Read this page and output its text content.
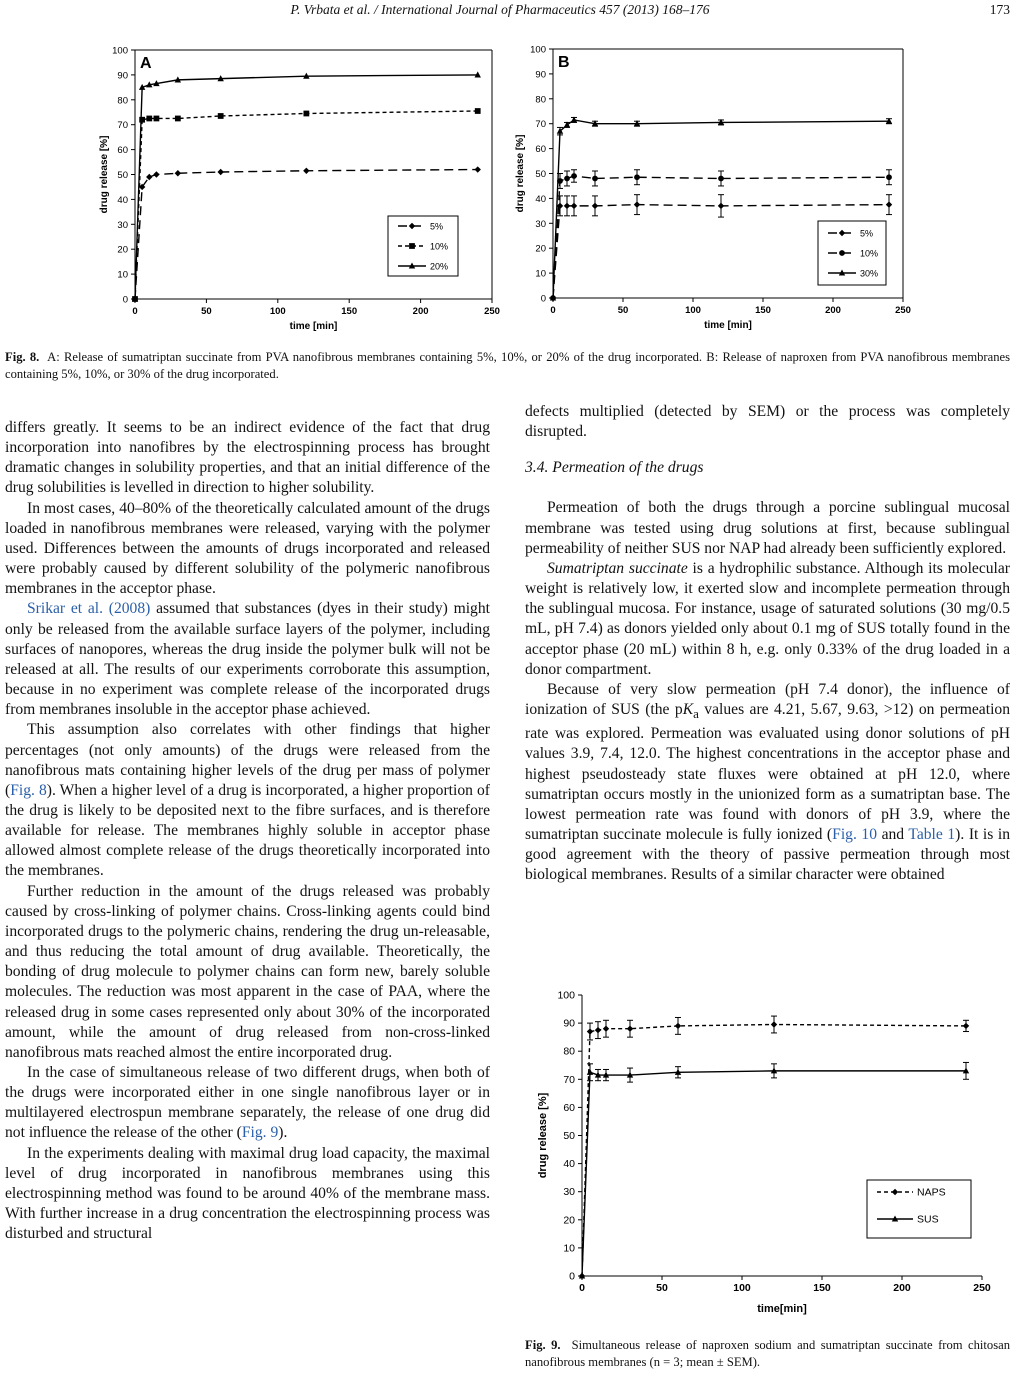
P. Vrbata et al. / International Journal of Pharmaceutics 457 (2013) 168–176	173
0
10
20
30
40
50
60
70
80
90
100
0	50	100	150	200	250
time [min]
drug release [%]
A
5%
10%
20%
0
10
20
30
40
50
60
70
80
90
100
0	50	100	150	200	250
time [min]
drug release [%]
B
5%
10%
30%
Fig. 8. A: Release of sumatriptan succinate from PVA nanofibrous membranes containing 5%, 10%, or 20% of the drug incorporated. B: Release of naproxen from PVA nanofibrous membranes containing 5%, 10%, or 30% of the drug incorporated.

differs greatly. It seems to be an indirect evidence of the fact that drug incorporation into nanofibres by the electrospinning process has brought dramatic changes in solubility properties, and that an initial difference of the drug solubilities is levelled in direction to higher solubility.

In most cases, 40–80% of the theoretically calculated amount of the drugs loaded in nanofibrous membranes were released, varying with the polymer used. Differences between the amounts of drugs incorporated and released were probably caused by different solubility of the polymeric nanofibrous membranes in the acceptor phase.

Srikar et al. (2008) assumed that substances (dyes in their study) might only be released from the available surface layers of the polymer, including surfaces of nanopores, whereas the drug inside the polymer bulk will not be released at all. The results of our experiments corroborate this assumption, because in no experiment was complete release of the incorporated drugs from membranes insoluble in the acceptor phase achieved.

This assumption also correlates with other findings that higher percentages (not only amounts) of the drugs were released from the nanofibrous mats containing higher levels of the drug per mass of polymer (Fig. 8). When a higher level of a drug is incorporated, a higher proportion of the drug is likely to be deposited next to the fibre surfaces, and is therefore available for release. The membranes highly soluble in acceptor phase allowed almost complete release of the drugs theoretically incorporated into the membranes.

Further reduction in the amount of the drugs released was probably caused by cross-linking of polymer chains. Cross-linking agents could bind incorporated drugs to the polymeric chains, rendering the drug un-releasable, and thus reducing the total amount of drug available. Theoretically, the bonding of drug molecule to polymer chains can form new, barely soluble molecules. The reduction was most apparent in the case of PAA, where the released drug in some cases represented only about 30% of the incorporated amount, while the amount of drug released from non-cross-linked nanofibrous mats reached almost the entire incorporated drug.

In the case of simultaneous release of two different drugs, when both of the drugs were incorporated either in one single nanofibrous layer or in multilayered electrospun membrane separately, the release of one drug did not influence the release of the other (Fig. 9).

In the experiments dealing with maximal drug load capacity, the maximal level of drug incorporated in nanofibrous membranes using this electrospinning method was found to be around 40% of the membrane mass. With further increase in a drug concentration the electrospinning process was disturbed and structural

defects multiplied (detected by SEM) or the process was completely disrupted.

3.4. Permeation of the drugs

Permeation of both the drugs through a porcine sublingual mucosal membrane was tested using drug solutions at first, because sublingual permeability of neither SUS nor NAP had already been sufficiently explored.

Sumatriptan succinate is a hydrophilic substance. Although its molecular weight is relatively low, it exerted slow and incomplete permeation through the sublingual mucosa. For instance, usage of saturated solutions (30 mg/0.5 mL, pH 7.4) as donors yielded only about 0.1 mg of SUS totally found in the acceptor phase (20 mL) within 8 h, e.g. only 0.33% of the drug loaded in a donor compartment.

Because of very slow permeation (pH 7.4 donor), the influence of ionization of SUS (the $pK_a$ values are 4.21, 5.67, 9.63, >12) on permeation rate was explored. Permeation was evaluated using donor solutions of pH values 3.9, 7.4, 12.0. The highest concentrations in the acceptor phase and highest pseudosteady state fluxes were obtained at pH 12.0, where sumatriptan occurs mostly in the unionized form as a sumatriptan base. The lowest permeation rate was found with donors of pH 3.9, where the sumatriptan succinate molecule is fully ionized (Fig. 10 and Table 1). It is in good agreement with the theory of passive permeation through most biological membranes. Results of a similar character were obtained

0
10
20
30
40
50
60
70
80
90
100
0	50	100	150	200	250
time[min]
drug release [%]
NAPS
SUS
Fig. 9. Simultaneous release of naproxen sodium and sumatriptan succinate from chitosan nanofibrous membranes (n = 3; mean ± SEM).
